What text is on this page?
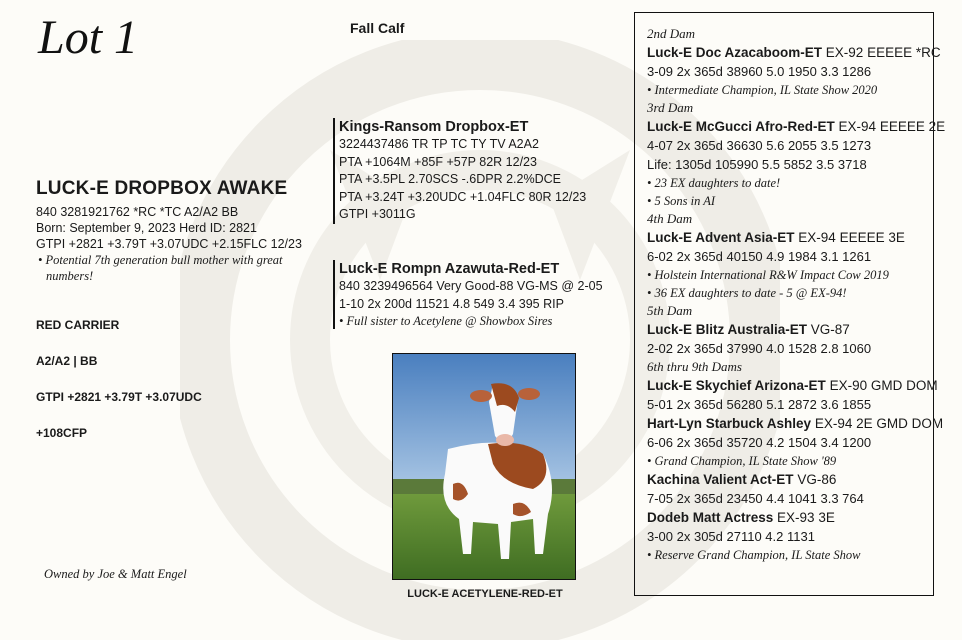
Lot 1	Fall Calf
LUCK-E DROPBOX AWAKE
840 3281921762 *RC *TC A2/A2 BB
Born: September 9, 2023 Herd ID: 2821
GTPI +2821 +3.79T +3.07UDC +2.15FLC 12/23
• Potential 7th generation bull mother with great numbers!
RED CARRIER
A2/A2 | BB
GTPI +2821 +3.79T +3.07UDC
+108CFP
Owned by Joe & Matt Engel
Kings-Ransom Dropbox-ET
3224437486 TR TP TC TY TV A2A2
PTA +1064M +85F +57P 82R 12/23
PTA +3.5PL 2.70SCS -.6DPR 2.2%DCE
PTA +3.24T +3.20UDC +1.04FLC 80R 12/23
GTPI +3011G
Luck-E Rompn Azawuta-Red-ET
840 3239496564 Very Good-88 VG-MS @ 2-05
1-10 2x 200d 11521 4.8 549 3.4 395 RIP
• Full sister to Acetylene @ Showbox Sires
LUCK-E ACETYLENE-RED-ET
2nd Dam
Luck-E Doc Azacaboom-ET EX-92 EEEEE *RC
3-09 2x 365d 38960 5.0 1950 3.3 1286
• Intermediate Champion, IL State Show 2020
3rd Dam
Luck-E McGucci Afro-Red-ET EX-94 EEEEE 2E
4-07 2x 365d 36630 5.6 2055 3.5 1273
Life: 1305d 105990 5.5 5852 3.5 3718
• 23 EX daughters to date!
• 5 Sons in AI
4th Dam
Luck-E Advent Asia-ET EX-94 EEEEE 3E
6-02 2x 365d 40150 4.9 1984 3.1 1261
• Holstein International R&W Impact Cow 2019
• 36 EX daughters to date - 5 @ EX-94!
5th Dam
Luck-E Blitz Australia-ET VG-87
2-02 2x 365d 37990 4.0 1528 2.8 1060
6th thru 9th Dams
Luck-E Skychief Arizona-ET EX-90 GMD DOM
5-01 2x 365d 56280 5.1 2872 3.6 1855
Hart-Lyn Starbuck Ashley EX-94 2E GMD DOM
6-06 2x 365d 35720 4.2 1504 3.4 1200
• Grand Champion, IL State Show '89
Kachina Valient Act-ET VG-86
7-05 2x 365d 23450 4.4 1041 3.3 764
Dodeb Matt Actress EX-93 3E
3-00 2x 305d 27110 4.2 1131
• Reserve Grand Champion, IL State Show
